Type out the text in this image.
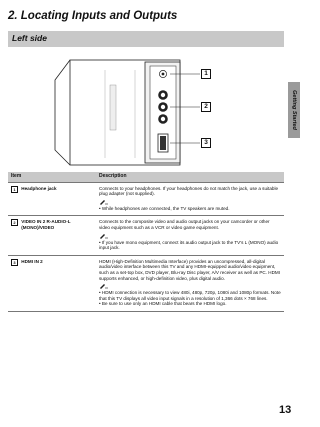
2. Locating Inputs and Outputs
Left side
Getting Started
1
2
3
Item	Description
1 Headphone jack	Connects to your headphones. If your headphones do not match the jack, use a suitable plug adapter (not supplied).
• While headphones are connected, the TV speakers are muted.

2 VIDEO IN 2 R-AUDIO-L (MONO)/VIDEO	Connects to the composite video and audio output jacks on your camcorder or other video equipment such as a VCR or video game equipment.
• If you have mono equipment, connect its audio output jack to the TV's L (MONO) audio input jack.

3 HDMI IN 2	HDMI (High-Definition Multimedia Interface) provides an uncompressed, all-digital audio/video interface between this TV and any HDMI-equipped audio/video equipment, such as a set-top box, DVD player, Blu-ray Disc player, A/V receiver as well as PC. HDMI supports enhanced, or high-definition video, plus digital audio.
• HDMI connection is necessary to view 480i, 480p, 720p, 1080i and 1080p formats. Note that this TV displays all video input signals in a resolution of 1,366 dots × 768 lines.
• Be sure to use only an HDMI cable that bears the HDMI logo.
13
